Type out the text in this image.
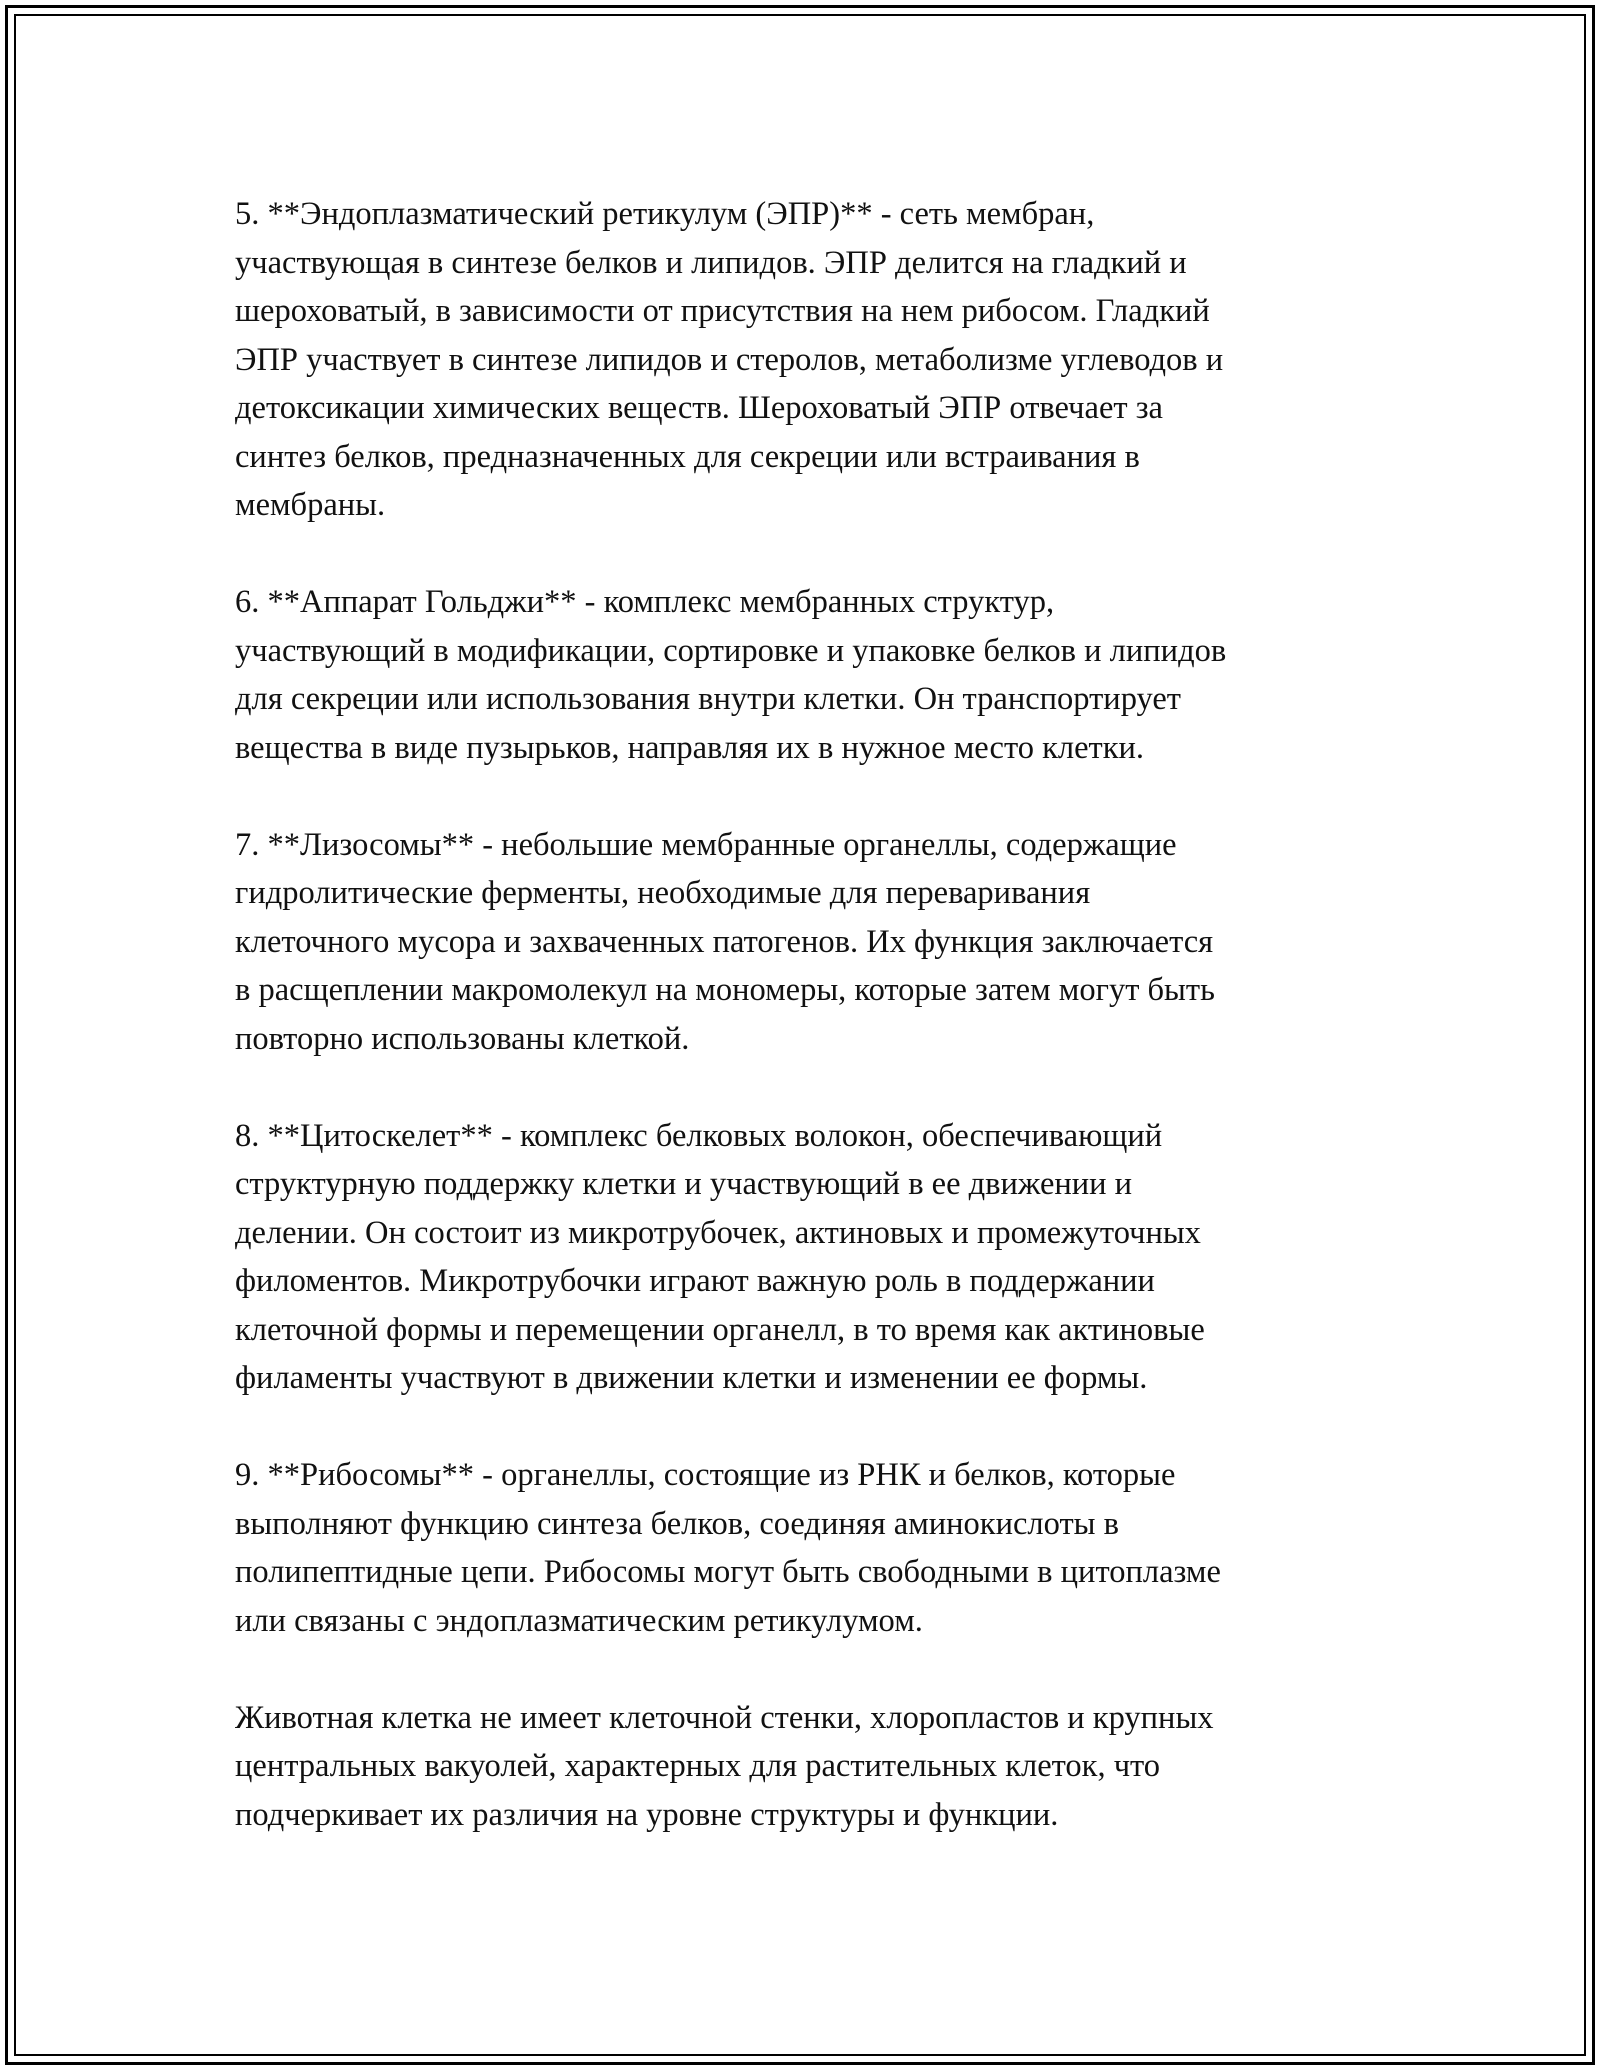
5. **Эндоплазматический ретикулум (ЭПР)** - сеть мембран,
участвующая в синтезе белков и липидов. ЭПР делится на гладкий и
шероховатый, в зависимости от присутствия на нем рибосом. Гладкий
ЭПР участвует в синтезе липидов и стеролов, метаболизме углеводов и
детоксикации химических веществ. Шероховатый ЭПР отвечает за
синтез белков, предназначенных для секреции или встраивания в
мембраны.

6. **Аппарат Гольджи** - комплекс мембранных структур,
участвующий в модификации, сортировке и упаковке белков и липидов
для секреции или использования внутри клетки. Он транспортирует
вещества в виде пузырьков, направляя их в нужное место клетки.

7. **Лизосомы** - небольшие мембранные органеллы, содержащие
гидролитические ферменты, необходимые для переваривания
клеточного мусора и захваченных патогенов. Их функция заключается
в расщеплении макромолекул на мономеры, которые затем могут быть
повторно использованы клеткой.

8. **Цитоскелет** - комплекс белковых волокон, обеспечивающий
структурную поддержку клетки и участвующий в ее движении и
делении. Он состоит из микротрубочек, актиновых и промежуточных
филоментов. Микротрубочки играют важную роль в поддержании
клеточной формы и перемещении органелл, в то время как актиновые
филаменты участвуют в движении клетки и изменении ее формы.

9. **Рибосомы** - органеллы, состоящие из РНК и белков, которые
выполняют функцию синтеза белков, соединяя аминокислоты в
полипептидные цепи. Рибосомы могут быть свободными в цитоплазме
или связаны с эндоплазматическим ретикулумом.

Животная клетка не имеет клеточной стенки, хлоропластов и крупных
центральных вакуолей, характерных для растительных клеток, что
подчеркивает их различия на уровне структуры и функции.
